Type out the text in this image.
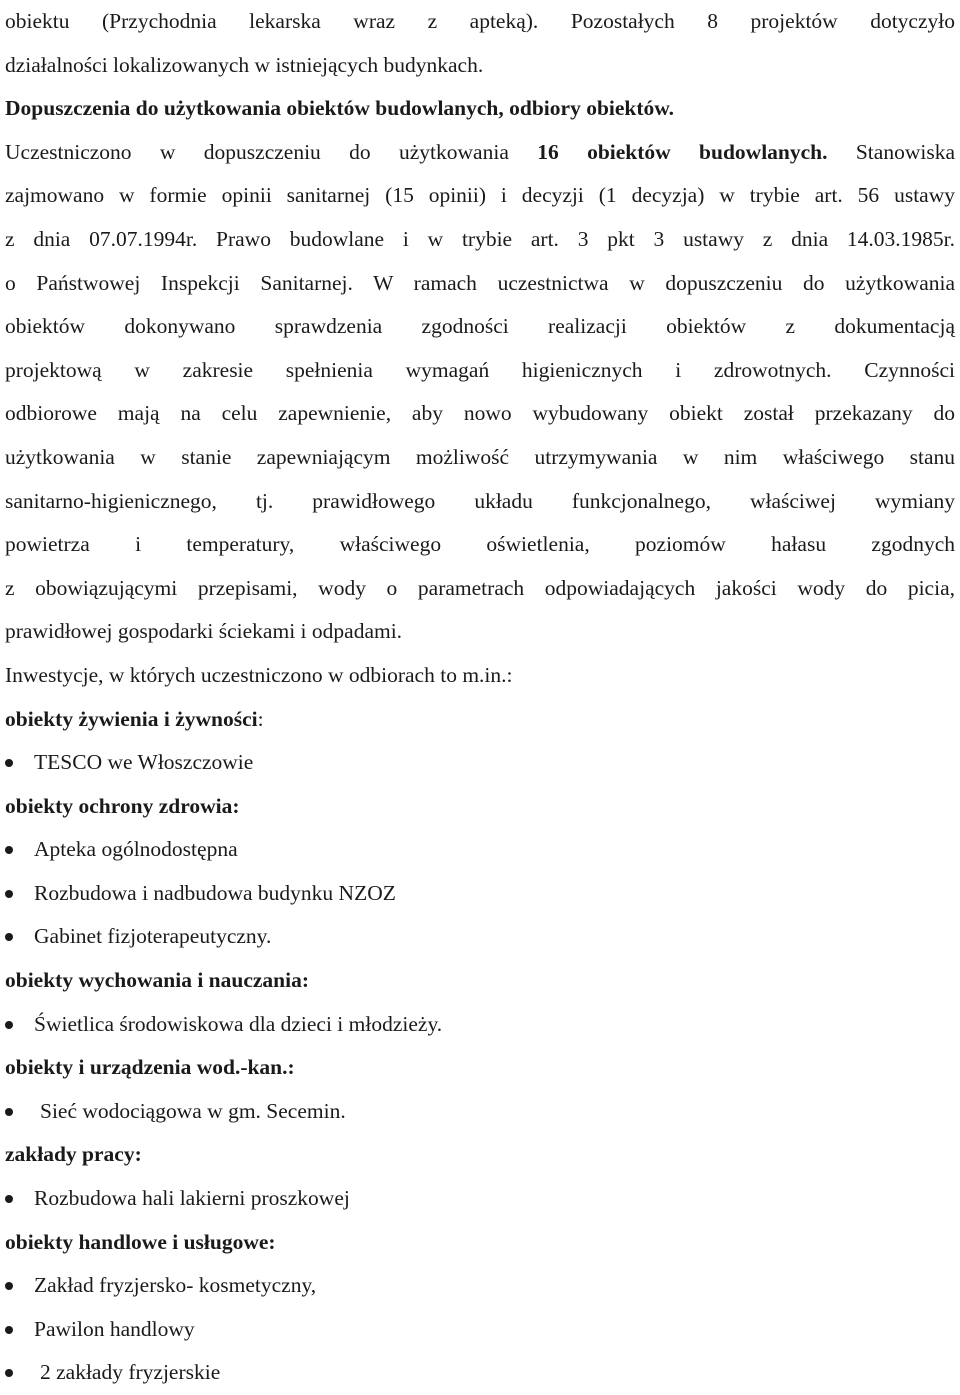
obiektu (Przychodnia lekarska wraz z apteką). Pozostałych 8 projektów dotyczyło
działalności lokalizowanych w istniejących budynkach.

Dopuszczenia do użytkowania obiektów budowlanych, odbiory obiektów.

Uczestniczono w dopuszczeniu do użytkowania 16 obiektów budowlanych. Stanowiska
zajmowano w formie opinii sanitarnej (15 opinii) i decyzji (1 decyzja) w trybie art. 56 ustawy
z dnia 07.07.1994r. Prawo budowlane i w trybie art. 3 pkt 3 ustawy z dnia 14.03.1985r.
o Państwowej Inspekcji Sanitarnej. W ramach uczestnictwa w dopuszczeniu do użytkowania
obiektów dokonywano sprawdzenia zgodności realizacji obiektów z dokumentacją
projektową w zakresie spełnienia wymagań higienicznych i zdrowotnych. Czynności
odbiorowe mają na celu zapewnienie, aby nowo wybudowany obiekt został przekazany do
użytkowania w stanie zapewniającym możliwość utrzymywania w nim właściwego stanu
sanitarno-higienicznego, tj. prawidłowego układu funkcjonalnego, właściwej wymiany
powietrza i temperatury, właściwego oświetlenia, poziomów hałasu zgodnych
z obowiązującymi przepisami, wody o parametrach odpowiadających jakości wody do picia,
prawidłowej gospodarki ściekami i odpadami.

Inwestycje, w których uczestniczono w odbiorach to m.in.:

obiekty żywienia i żywności:

TESCO we Włoszczowie

obiekty ochrony zdrowia:

Apteka ogólnodostępna
Rozbudowa i nadbudowa budynku NZOZ
Gabinet fizjoterapeutyczny.

obiekty wychowania i nauczania:

Świetlica środowiskowa dla dzieci i młodzieży.

obiekty i urządzenia wod.-kan.:

Sieć wodociągowa w gm. Secemin.

zakłady pracy:

Rozbudowa hali lakierni proszkowej

obiekty handlowe i usługowe:

Zakład fryzjersko- kosmetyczny,
Pawilon handlowy
2 zakłady fryzjerskie
